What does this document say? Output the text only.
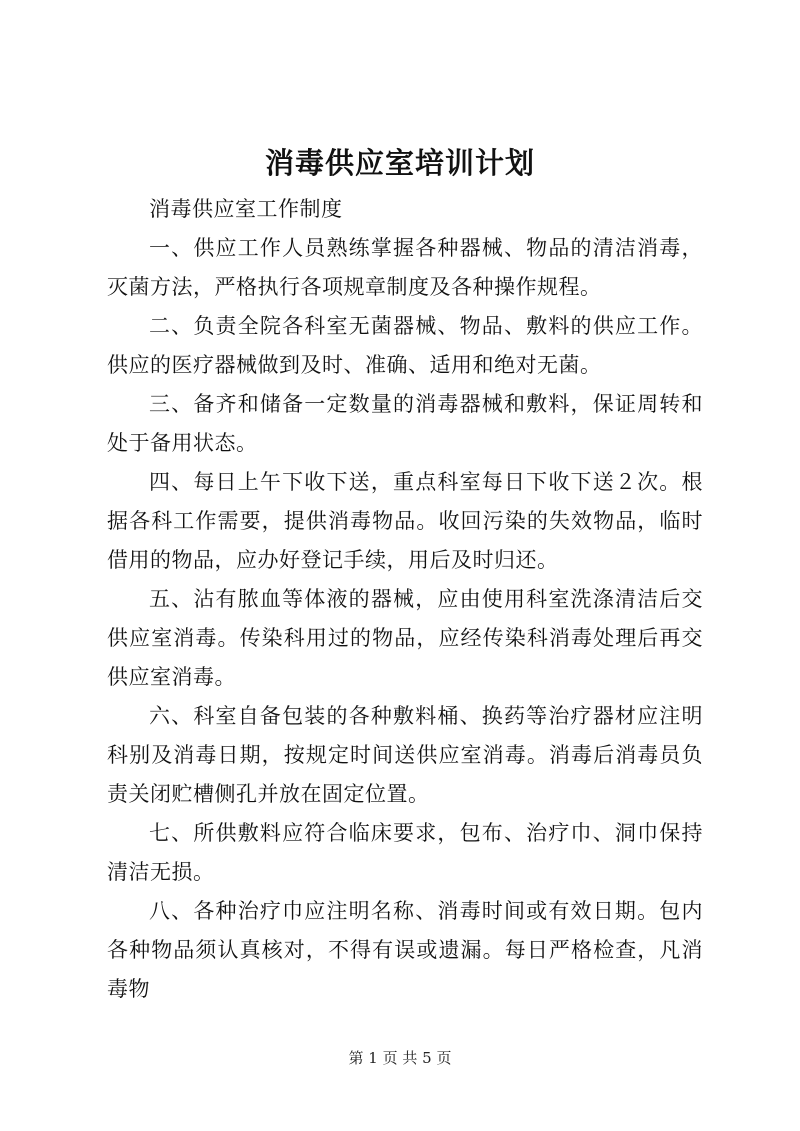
消毒供应室培训计划

消毒供应室工作制度

一、供应工作人员熟练掌握各种器械、物品的清洁消毒，灭菌方法，严格执行各项规章制度及各种操作规程。

二、负责全院各科室无菌器械、物品、敷料的供应工作。供应的医疗器械做到及时、准确、适用和绝对无菌。

三、备齐和储备一定数量的消毒器械和敷料，保证周转和处于备用状态。

四、每日上午下收下送，重点科室每日下收下送２次。根据各科工作需要，提供消毒物品。收回污染的失效物品，临时借用的物品，应办好登记手续，用后及时归还。

五、沾有脓血等体液的器械，应由使用科室洗涤清洁后交供应室消毒。传染科用过的物品，应经传染科消毒处理后再交供应室消毒。

六、科室自备包装的各种敷料桶、换药等治疗器材应注明科别及消毒日期，按规定时间送供应室消毒。消毒后消毒员负责关闭贮槽侧孔并放在固定位置。

七、所供敷料应符合临床要求，包布、治疗巾、洞巾保持清洁无损。

八、各种治疗巾应注明名称、消毒时间或有效日期。包内各种物品须认真核对，不得有误或遗漏。每日严格检查，凡消毒物

第 1 页 共 5 页
